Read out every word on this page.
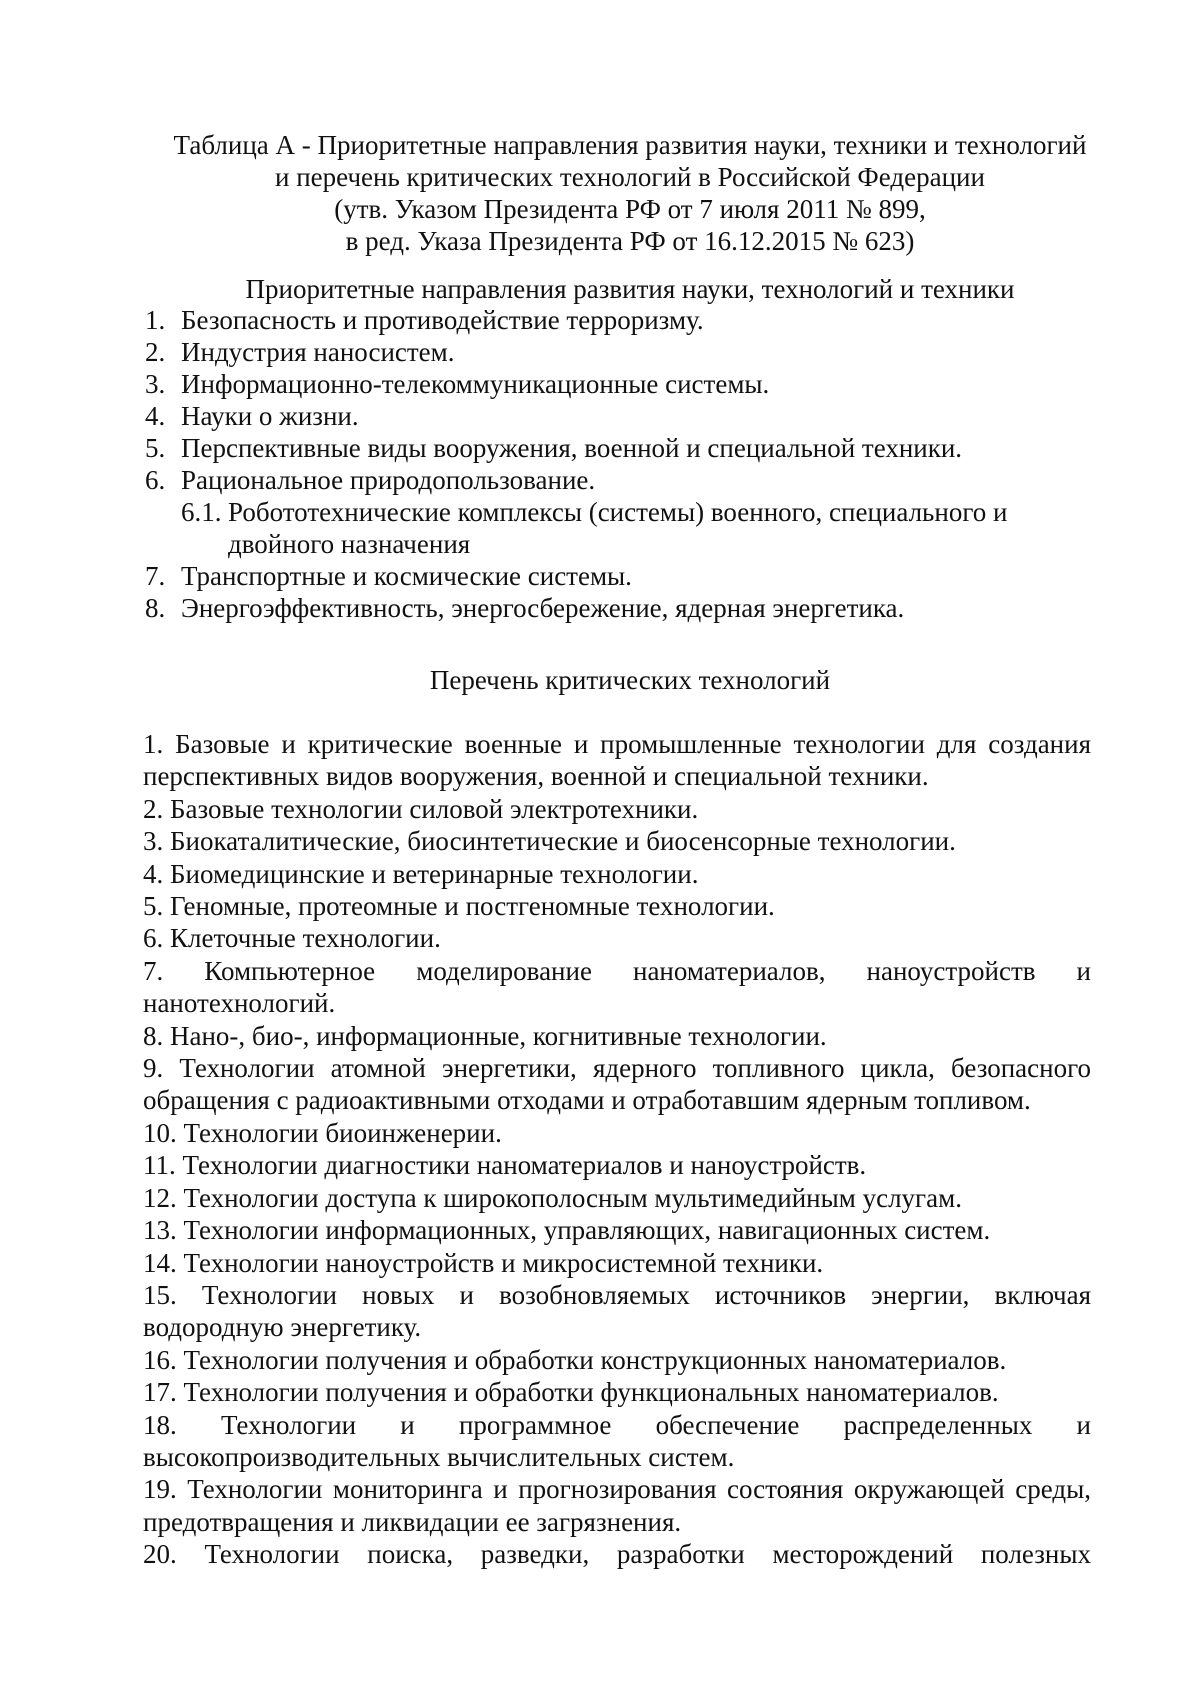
Таблица А - Приоритетные направления развития науки, техники и технологий
и перечень критических технологий в Российской Федерации
(утв. Указом Президента РФ от 7 июля 2011 № 899,
в ред. Указа Президента РФ от 16.12.2015 № 623)
Приоритетные направления развития науки, технологий и техники
1. Безопасность и противодействие терроризму.
2. Индустрия наносистем.
3. Информационно-телекоммуникационные системы.
4. Науки о жизни.
5. Перспективные виды вооружения, военной и специальной техники.
6. Рациональное природопользование.
6.1. Робототехнические комплексы (системы) военного, специального и
двойного назначения
7. Транспортные и космические системы.
8. Энергоэффективность, энергосбережение, ядерная энергетика.
Перечень критических технологий
1. Базовые и критические военные и промышленные технологии для создания перспективных видов вооружения, военной и специальной техники.
2. Базовые технологии силовой электротехники.
3. Биокаталитические, биосинтетические и биосенсорные технологии.
4. Биомедицинские и ветеринарные технологии.
5. Геномные, протеомные и постгеномные технологии.
6. Клеточные технологии.
7. Компьютерное моделирование наноматериалов, наноустройств и нанотехнологий.
8. Нано-, био-, информационные, когнитивные технологии.
9. Технологии атомной энергетики, ядерного топливного цикла, безопасного обращения с радиоактивными отходами и отработавшим ядерным топливом.
10. Технологии биоинженерии.
11. Технологии диагностики наноматериалов и наноустройств.
12. Технологии доступа к широкополосным мультимедийным услугам.
13. Технологии информационных, управляющих, навигационных систем.
14. Технологии наноустройств и микросистемной техники.
15. Технологии новых и возобновляемых источников энергии, включая водородную энергетику.
16. Технологии получения и обработки конструкционных наноматериалов.
17. Технологии получения и обработки функциональных наноматериалов.
18. Технологии и программное обеспечение распределенных и высокопроизводительных вычислительных систем.
19. Технологии мониторинга и прогнозирования состояния окружающей среды, предотвращения и ликвидации ее загрязнения.
20. Технологии поиска, разведки, разработки месторождений полезных
